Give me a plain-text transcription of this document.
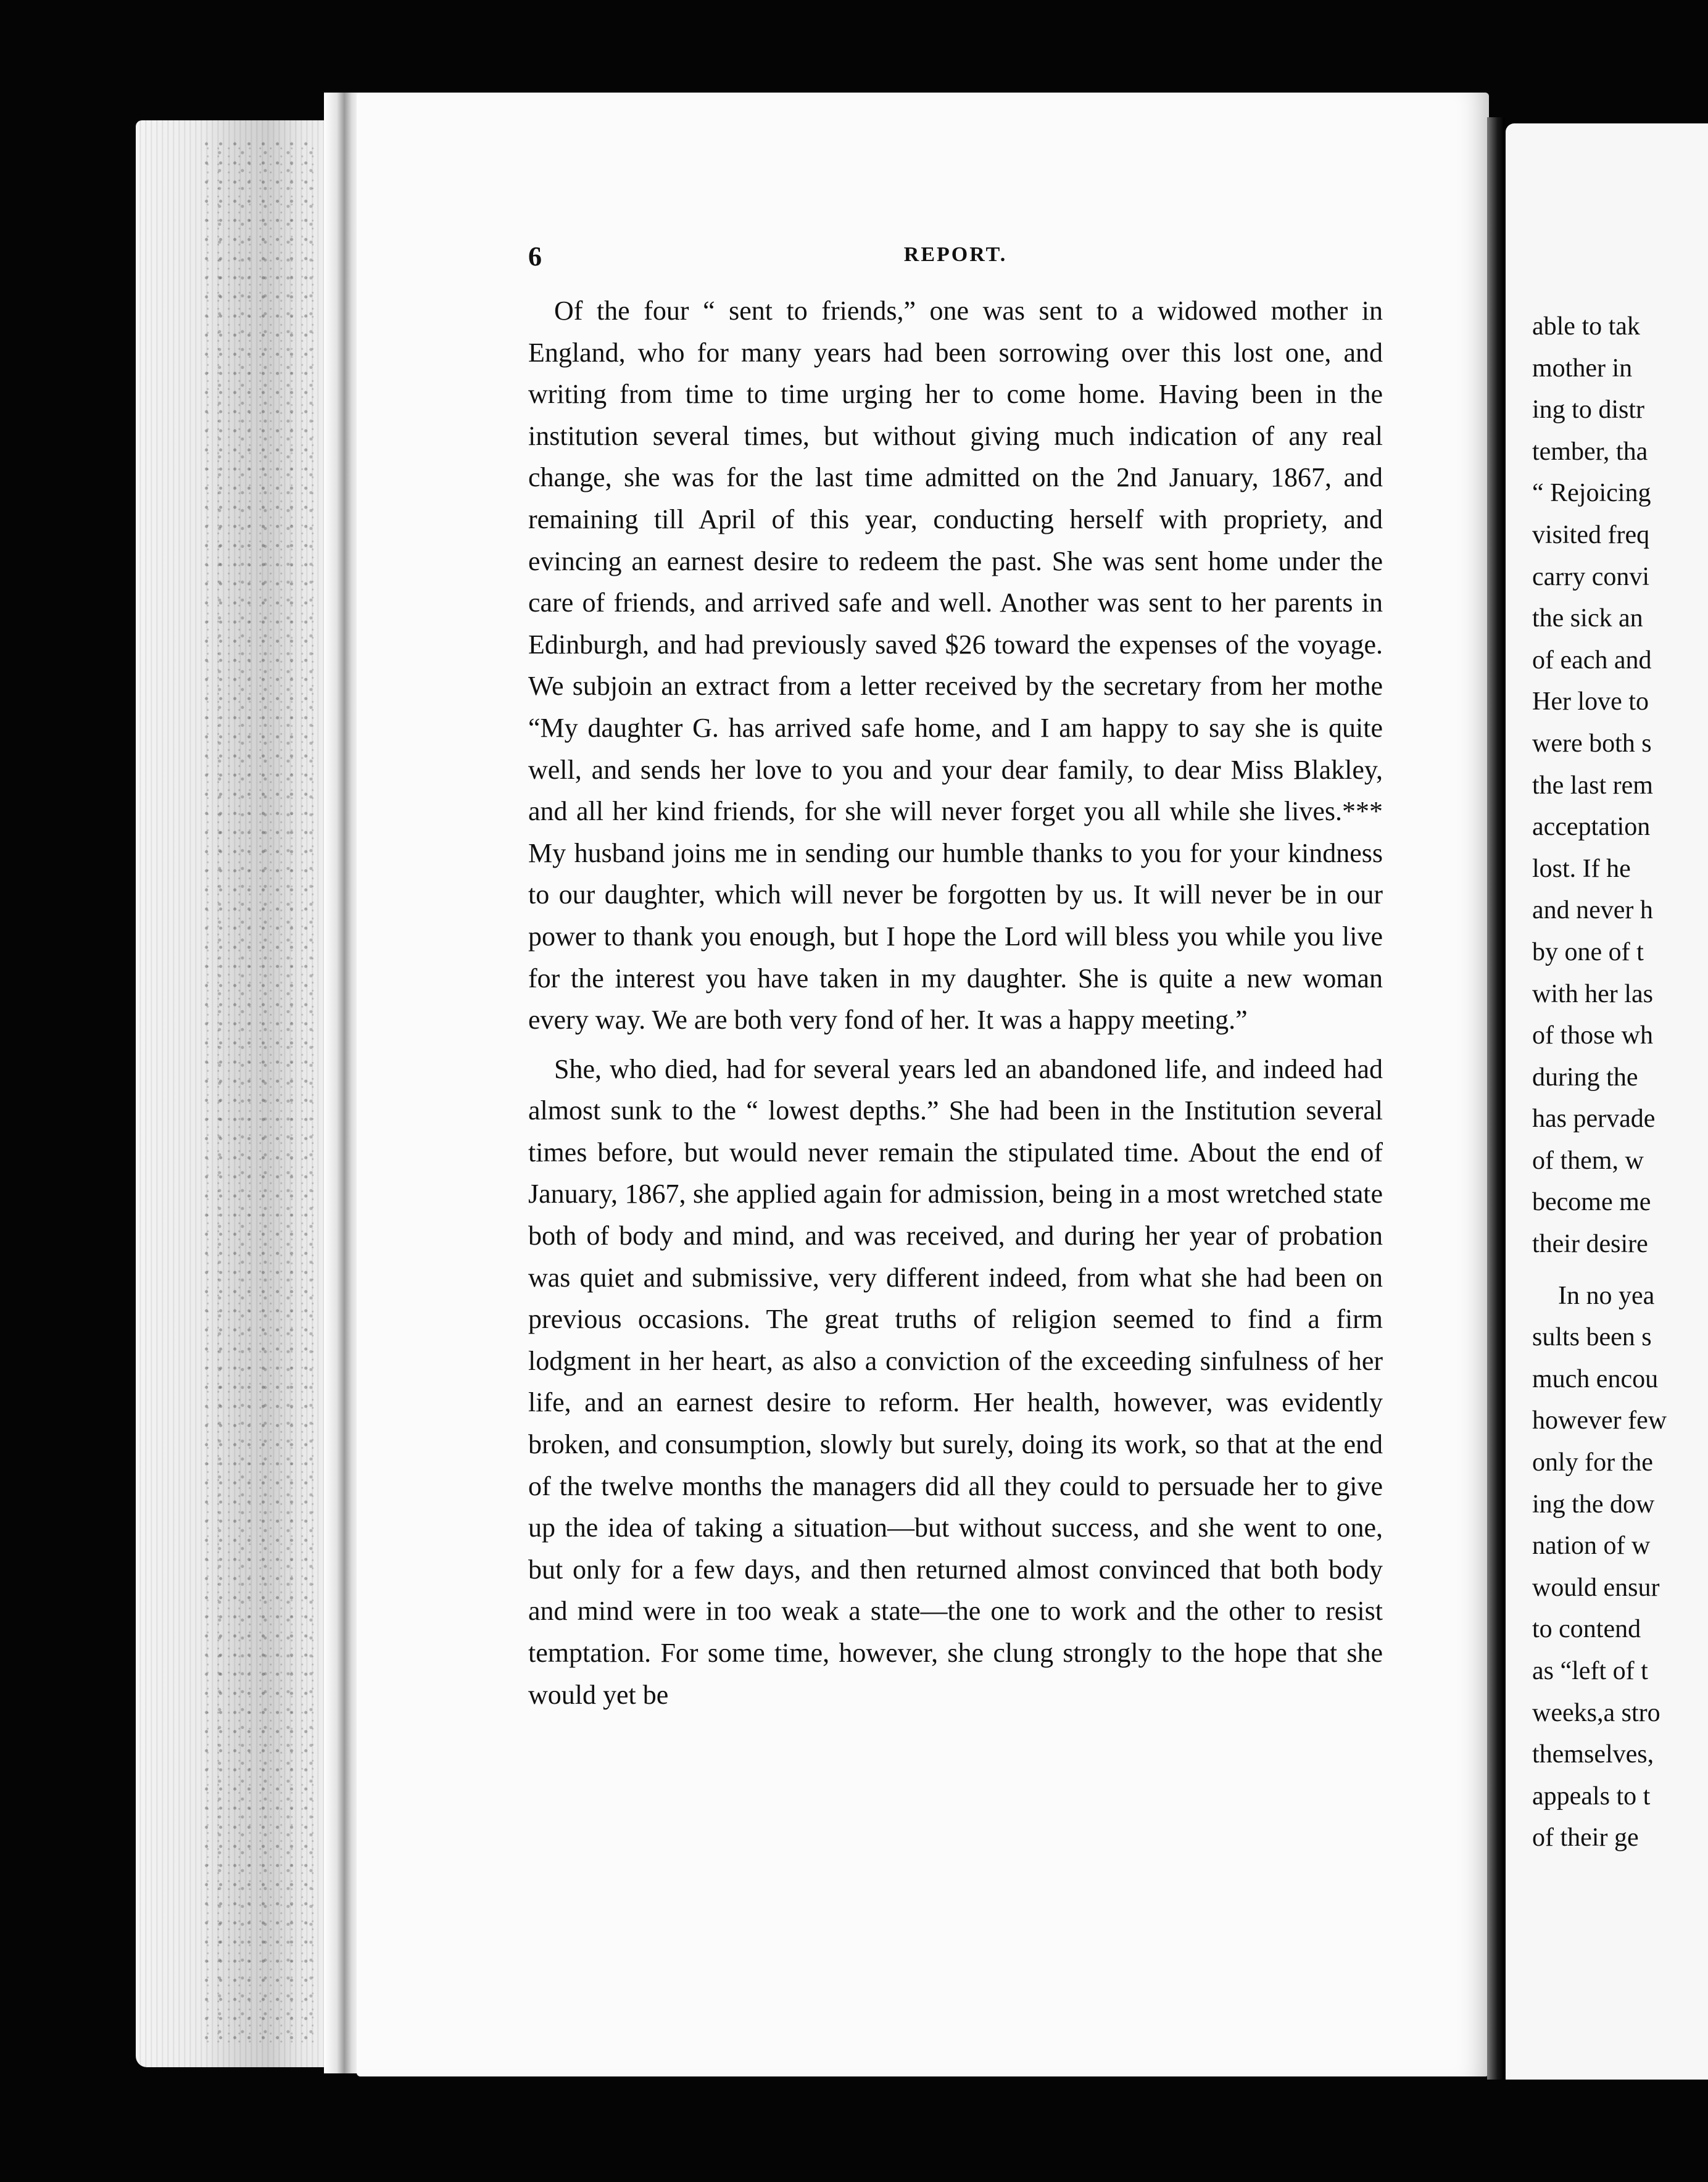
6	REPORT.

Of the four “ sent to friends,” one was sent to a widowed mother in England, who for many years had been sorrowing over this lost one, and writing from time to time urging her to come home. Having been in the institution several times, but without giving much indication of any real change, she was for the last time admitted on the 2nd January, 1867, and remaining till April of this year, conducting herself with propriety, and evincing an earnest desire to redeem the past. She was sent home under the care of friends, and arrived safe and well. Another was sent to her parents in Edinburgh, and had previously saved $26 toward the expenses of the voyage. We subjoin an extract from a letter received by the secretary from her mothe “My daughter G. has arrived safe home, and I am happy to say she is quite well, and sends her love to you and your dear family, to dear Miss Blakley, and all her kind friends, for she will never forget you all while she lives.*** My husband joins me in sending our humble thanks to you for your kindness to our daughter, which will never be forgotten by us. It will never be in our power to thank you enough, but I hope the Lord will bless you while you live for the interest you have taken in my daughter. She is quite a new woman every way. We are both very fond of her. It was a happy meeting.”

She, who died, had for several years led an abandoned life, and indeed had almost sunk to the “ lowest depths.” She had been in the Institution several times before, but would never remain the stipulated time. About the end of January, 1867, she applied again for admission, being in a most wretched state both of body and mind, and was received, and during her year of probation was quiet and submissive, very different indeed, from what she had been on previous occasions. The great truths of religion seemed to find a firm lodgment in her heart, as also a conviction of the exceeding sinfulness of her life, and an earnest desire to reform. Her health, however, was evidently broken, and consumption, slowly but surely, doing its work, so that at the end of the twelve months the managers did all they could to persuade her to give up the idea of taking a situation—but without success, and she went to one, but only for a few days, and then returned almost convinced that both body and mind were in too weak a state—the one to work and the other to resist temptation. For some time, however, she clung strongly to the hope that she would yet be

able to tak
mother in
ing to distr
tember, tha
“ Rejoicing
visited freq
carry convi
the sick an
of each and
Her love to
were both s
the last rem
acceptation
lost. If he
and never h
by one of t
with her las
of those wh
during the
has pervade
of them, w
become me
their desire
In no yea
sults been s
much encou
however few
only for the
ing the dow
nation of w
would ensur
to contend
as “left of t
weeks,a stro
themselves,
appeals to t
of their ge
